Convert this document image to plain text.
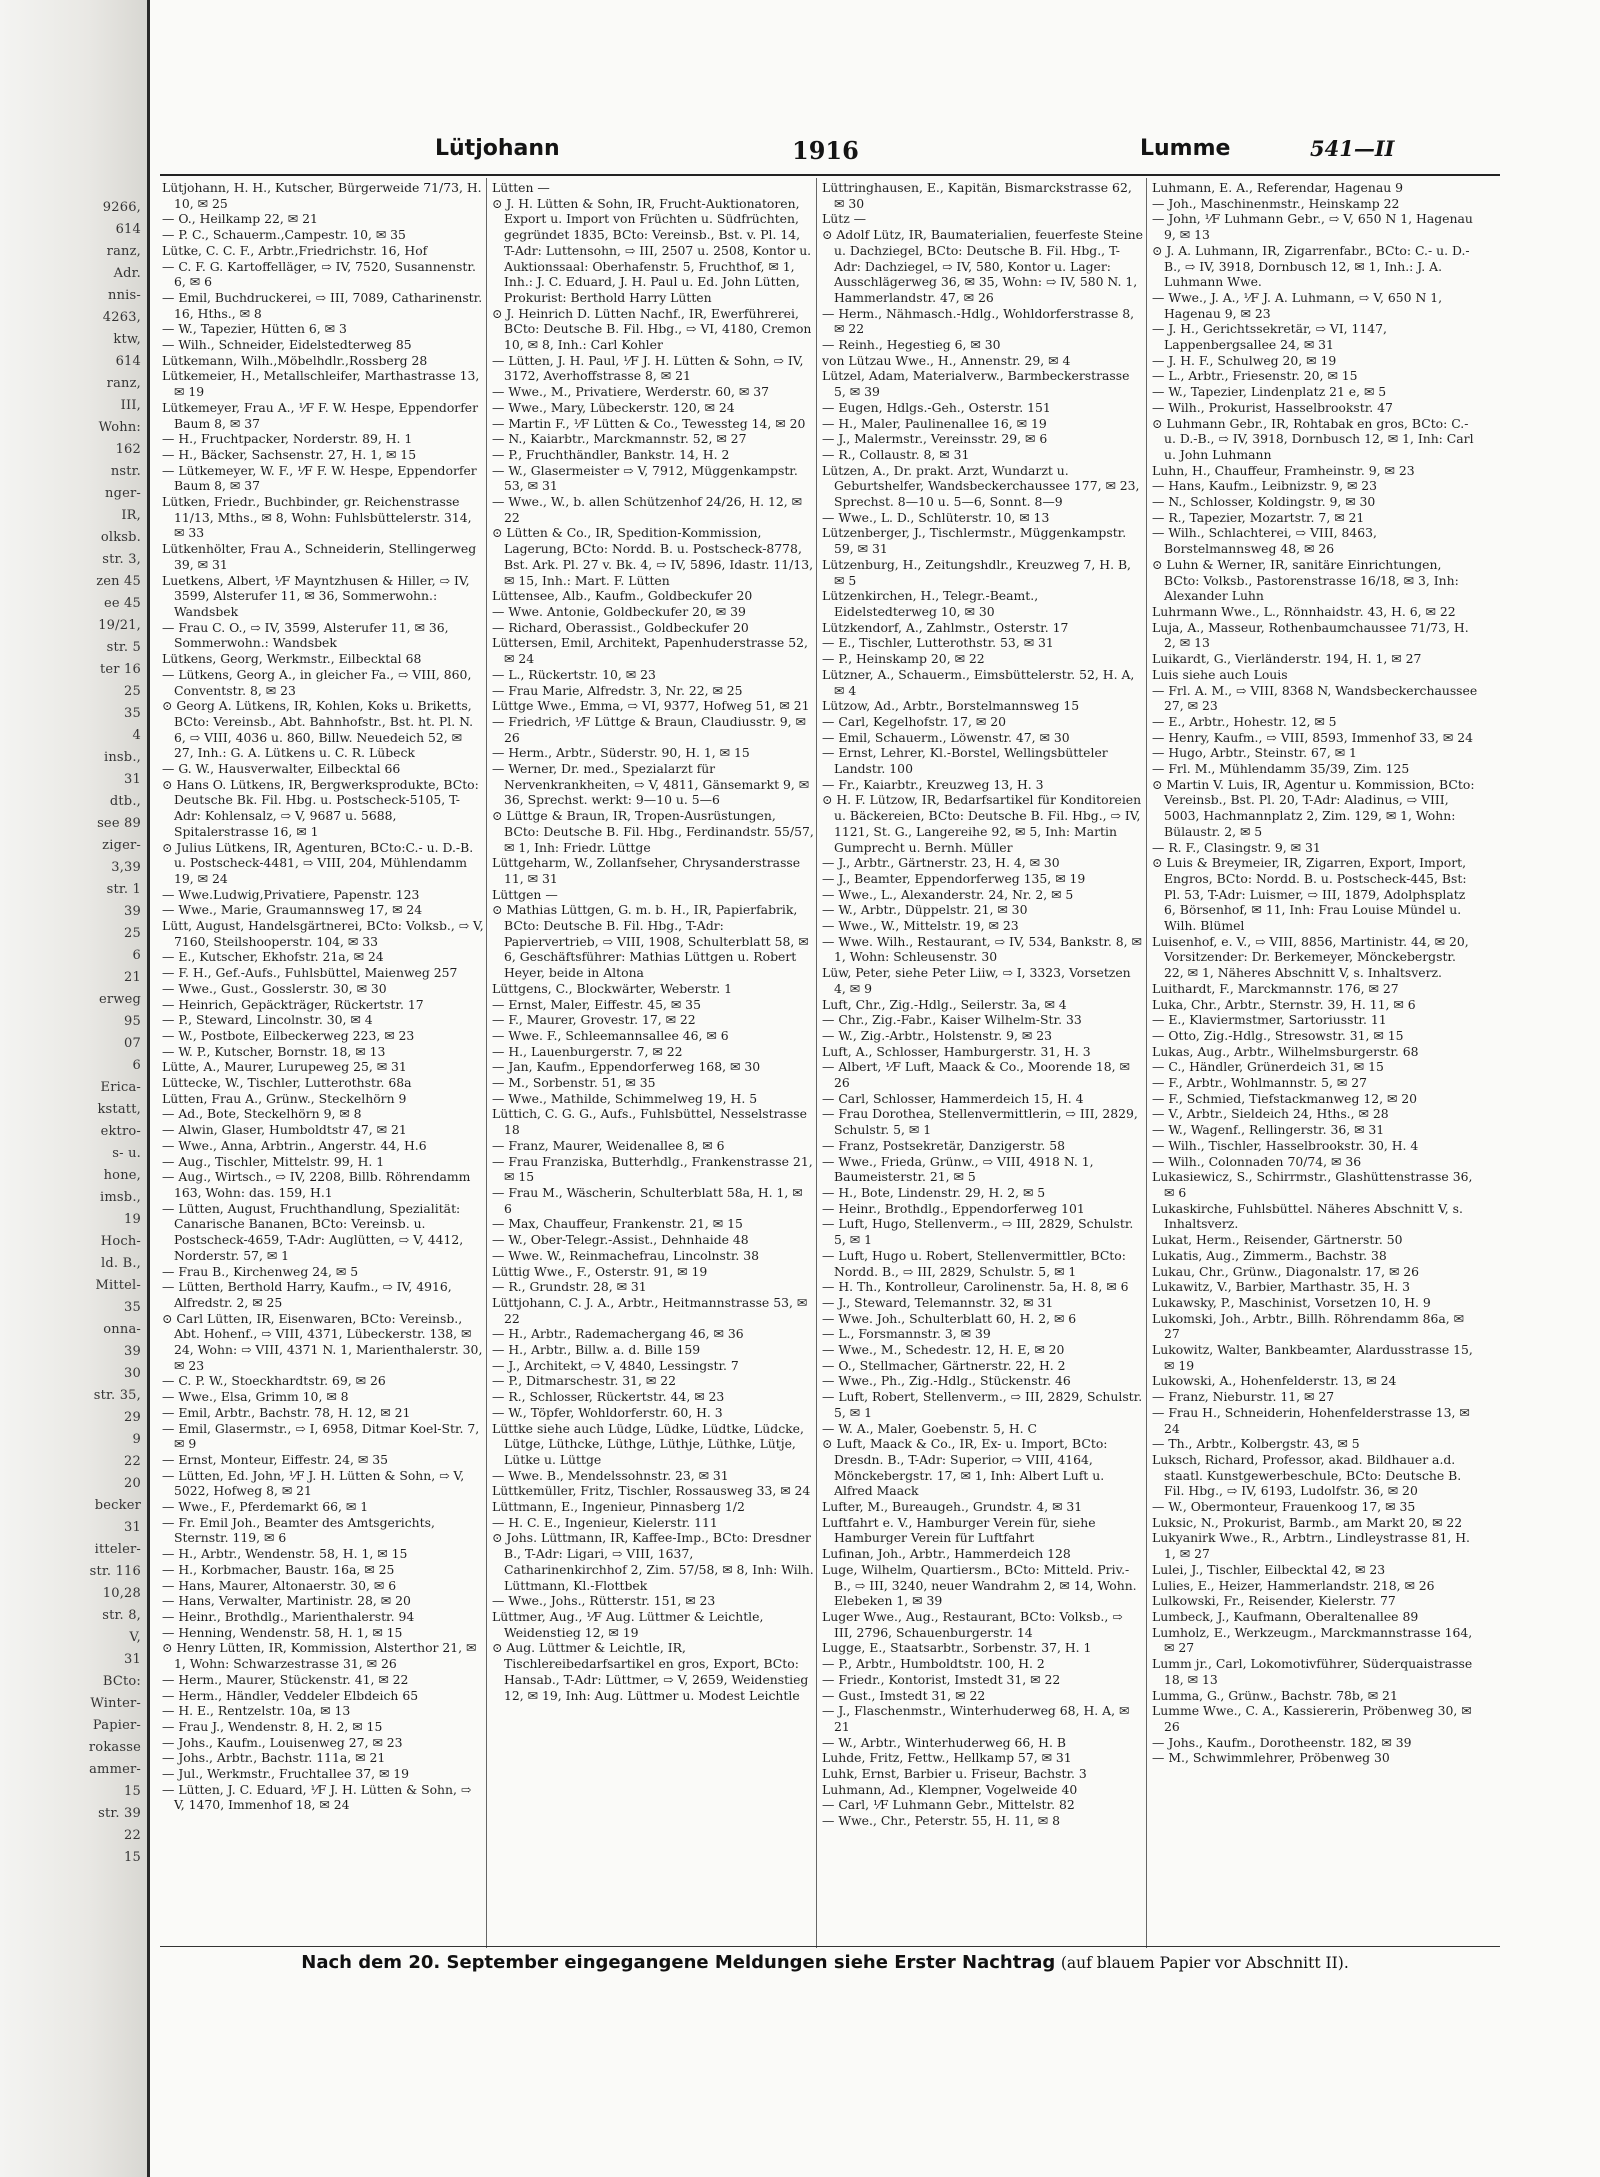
9266,
614
ranz,
Adr.
nnis-
4263,
ktw,
614
ranz,
III,
Wohn:
162
nstr.
nger-
IR,
olksb.
str. 3,
zen 45
ee 45
19/21,
str. 5
ter 16
25
35
4
insb.,
31
dtb.,
see 89
ziger-
3,39
str. 1
39
25
6
21
erweg
95
07
6
Erica-
kstatt,
ektro-
s- u.
hone,
imsb.,
19
Hoch-
ld. B.,
Mittel-
35
onna-
39
30
str. 35,
29
9
22
20
becker
31
itteler-
str. 116
10,28
str. 8,
V,
31
BCto:
Winter-
Papier-
rokasse
ammer-
15
str. 39
22
15
Lütjohann	1916	Lumme	541—II

Lütjohann, H. H., Kutscher, Bürgerweide 71/73, H. 10, ✉ 25

— O., Heilkamp 22, ✉ 21

— P. C., Schauerm.,Campestr. 10, ✉ 35

Lütke, C. C. F., Arbtr.,Friedrichstr. 16, Hof

— C. F. G. Kartoffelläger, ⇨ IV, 7520, Susannenstr. 6, ✉ 6

— Emil, Buchdruckerei, ⇨ III, 7089, Catharinenstr. 16, Hths., ✉ 8

— W., Tapezier, Hütten 6, ✉ 3

— Wilh., Schneider, Eidelstedterweg 85

Lütkemann, Wilh.,Möbelhdlr.,Rossberg 28

Lütkemeier, H., Metallschleifer, Marthastrasse 13, ✉ 19

Lütkemeyer, Frau A., ⅟F F. W. Hespe, Eppendorfer Baum 8, ✉ 37

— H., Fruchtpacker, Norderstr. 89, H. 1

— H., Bäcker, Sachsenstr. 27, H. 1, ✉ 15

— Lütkemeyer, W. F., ⅟F F. W. Hespe, Eppendorfer Baum 8, ✉ 37

Lütken, Friedr., Buchbinder, gr. Reichenstrasse 11/13, Mths., ✉ 8, Wohn: Fuhlsbüttelerstr. 314, ✉ 33

Lütkenhölter, Frau A., Schneiderin, Stellingerweg 39, ✉ 31

Luetkens, Albert, ⅟F Mayntzhusen & Hiller, ⇨ IV, 3599, Alsterufer 11, ✉ 36, Sommerwohn.: Wandsbek

— Frau C. O., ⇨ IV, 3599, Alsterufer 11, ✉ 36, Sommerwohn.: Wandsbek

Lütkens, Georg, Werkmstr., Eilbecktal 68

— Lütkens, Georg A., in gleicher Fa., ⇨ VIII, 860, Conventstr. 8, ✉ 23

⊙ Georg A. Lütkens, IR, Kohlen, Koks u. Briketts, BCto: Vereinsb., Abt. Bahnhofstr., Bst. ht. Pl. N. 6, ⇨ VIII, 4036 u. 860, Billw. Neuedeich 52, ✉ 27, Inh.: G. A. Lütkens u. C. R. Lübeck

— G. W., Hausverwalter, Eilbecktal 66

⊙ Hans O. Lütkens, IR, Bergwerksprodukte, BCto: Deutsche Bk. Fil. Hbg. u. Postscheck-5105, T-Adr: Kohlensalz, ⇨ V, 9687 u. 5688, Spitalerstrasse 16, ✉ 1

⊙ Julius Lütkens, IR, Agenturen, BCto:C.- u. D.-B. u. Postscheck-4481, ⇨ VIII, 204, Mühlendamm 19, ✉ 24

— Wwe.Ludwig,Privatiere, Papenstr. 123

— Wwe., Marie, Graumannsweg 17, ✉ 24

Lütt, August, Handelsgärtnerei, BCto: Volksb., ⇨ V, 7160, Steilshooperstr. 104, ✉ 33

— E., Kutscher, Ekhofstr. 21a, ✉ 24

— F. H., Gef.-Aufs., Fuhlsbüttel, Maienweg 257

— Wwe., Gust., Gosslerstr. 30, ✉ 30

— Heinrich, Gepäckträger, Rückertstr. 17

— P., Steward, Lincolnstr. 30, ✉ 4

— W., Postbote, Eilbeckerweg 223, ✉ 23

— W. P., Kutscher, Bornstr. 18, ✉ 13

Lütte, A., Maurer, Lurupeweg 25, ✉ 31

Lüttecke, W., Tischler, Lutterothstr. 68a

Lütten, Frau A., Grünw., Steckelhörn 9

— Ad., Bote, Steckelhörn 9, ✉ 8

— Alwin, Glaser, Humboldtstr 47, ✉ 21

— Wwe., Anna, Arbtrin., Angerstr. 44, H.6

— Aug., Tischler, Mittelstr. 99, H. 1

— Aug., Wirtsch., ⇨ IV, 2208, Billb. Röhrendamm 163, Wohn: das. 159, H.1

— Lütten, August, Fruchthandlung, Spezialität: Canarische Bananen, BCto: Vereinsb. u. Postscheck-4659, T-Adr: Auglütten, ⇨ V, 4412, Norderstr. 57, ✉ 1

— Frau B., Kirchenweg 24, ✉ 5

— Lütten, Berthold Harry, Kaufm., ⇨ IV, 4916, Alfredstr. 2, ✉ 25

⊙ Carl Lütten, IR, Eisenwaren, BCto: Vereinsb., Abt. Hohenf., ⇨ VIII, 4371, Lübeckerstr. 138, ✉ 24, Wohn: ⇨ VIII, 4371 N. 1, Marienthalerstr. 30, ✉ 23

— C. P. W., Stoeckhardtstr. 69, ✉ 26

— Wwe., Elsa, Grimm 10, ✉ 8

— Emil, Arbtr., Bachstr. 78, H. 12, ✉ 21

— Emil, Glasermstr., ⇨ I, 6958, Ditmar Koel-Str. 7, ✉ 9

— Ernst, Monteur, Eiffestr. 24, ✉ 35

— Lütten, Ed. John, ⅟F J. H. Lütten & Sohn, ⇨ V, 5022, Hofweg 8, ✉ 21

— Wwe., F., Pferdemarkt 66, ✉ 1

— Fr. Emil Joh., Beamter des Amtsgerichts, Sternstr. 119, ✉ 6

— H., Arbtr., Wendenstr. 58, H. 1, ✉ 15

— H., Korbmacher, Baustr. 16a, ✉ 25

— Hans, Maurer, Altonaerstr. 30, ✉ 6

— Hans, Verwalter, Martinistr. 28, ✉ 20

— Heinr., Brothdlg., Marienthalerstr. 94

— Henning, Wendenstr. 58, H. 1, ✉ 15

⊙ Henry Lütten, IR, Kommission, Alsterthor 21, ✉ 1, Wohn: Schwarzestrasse 31, ✉ 26

— Herm., Maurer, Stückenstr. 41, ✉ 22

— Herm., Händler, Veddeler Elbdeich 65

— H. E., Rentzelstr. 10a, ✉ 13

— Frau J., Wendenstr. 8, H. 2, ✉ 15

— Johs., Kaufm., Louisenweg 27, ✉ 23

— Johs., Arbtr., Bachstr. 111a, ✉ 21

— Jul., Werkmstr., Fruchtallee 37, ✉ 19

— Lütten, J. C. Eduard, ⅟F J. H. Lütten & Sohn, ⇨ V, 1470, Immenhof 18, ✉ 24

Lütten —

⊙ J. H. Lütten & Sohn, IR, Frucht-Auktionatoren, Export u. Import von Früchten u. Südfrüchten, gegründet 1835, BCto: Vereinsb., Bst. v. Pl. 14, T-Adr: Luttensohn, ⇨ III, 2507 u. 2508, Kontor u. Auktionssaal: Oberhafenstr. 5, Fruchthof, ✉ 1, Inh.: J. C. Eduard, J. H. Paul u. Ed. John Lütten, Prokurist: Berthold Harry Lütten

⊙ J. Heinrich D. Lütten Nachf., IR, Ewerführerei, BCto: Deutsche B. Fil. Hbg., ⇨ VI, 4180, Cremon 10, ✉ 8, Inh.: Carl Kohler

— Lütten, J. H. Paul, ⅟F J. H. Lütten & Sohn, ⇨ IV, 3172, Averhoffstrasse 8, ✉ 21

— Wwe., M., Privatiere, Werderstr. 60, ✉ 37

— Wwe., Mary, Lübeckerstr. 120, ✉ 24

— Martin F., ⅟F Lütten & Co., Tewessteg 14, ✉ 20

— N., Kaiarbtr., Marckmannstr. 52, ✉ 27

— P., Fruchthändler, Bankstr. 14, H. 2

— W., Glasermeister ⇨ V, 7912, Müggenkampstr. 53, ✉ 31

— Wwe., W., b. allen Schützenhof 24/26, H. 12, ✉ 22

⊙ Lütten & Co., IR, Spedition-Kommission, Lagerung, BCto: Nordd. B. u. Postscheck-8778, Bst. Ark. Pl. 27 v. Bk. 4, ⇨ IV, 5896, Idastr. 11/13, ✉ 15, Inh.: Mart. F. Lütten

Lüttensee, Alb., Kaufm., Goldbeckufer 20

— Wwe. Antonie, Goldbeckufer 20, ✉ 39

— Richard, Oberassist., Goldbeckufer 20

Lüttersen, Emil, Architekt, Papenhuderstrasse 52, ✉ 24

— L., Rückertstr. 10, ✉ 23

— Frau Marie, Alfredstr. 3, Nr. 22, ✉ 25

Lüttge Wwe., Emma, ⇨ VI, 9377, Hofweg 51, ✉ 21

— Friedrich, ⅟F Lüttge & Braun, Claudiusstr. 9, ✉ 26

— Herm., Arbtr., Süderstr. 90, H. 1, ✉ 15

— Werner, Dr. med., Spezialarzt für Nervenkrankheiten, ⇨ V, 4811, Gänsemarkt 9, ✉ 36, Sprechst. werkt: 9—10 u. 5—6

⊙ Lüttge & Braun, IR, Tropen-Ausrüstungen, BCto: Deutsche B. Fil. Hbg., Ferdinandstr. 55/57, ✉ 1, Inh: Friedr. Lüttge

Lüttgeharm, W., Zollanfseher, Chrysanderstrasse 11, ✉ 31

Lüttgen —

⊙ Mathias Lüttgen, G. m. b. H., IR, Papierfabrik, BCto: Deutsche B. Fil. Hbg., T-Adr: Papiervertrieb, ⇨ VIII, 1908, Schulterblatt 58, ✉ 6, Geschäftsführer: Mathias Lüttgen u. Robert Heyer, beide in Altona

Lüttgens, C., Blockwärter, Weberstr. 1

— Ernst, Maler, Eiffestr. 45, ✉ 35

— F., Maurer, Grovestr. 17, ✉ 22

— Wwe. F., Schleemannsallee 46, ✉ 6

— H., Lauenburgerstr. 7, ✉ 22

— Jan, Kaufm., Eppendorferweg 168, ✉ 30

— M., Sorbenstr. 51, ✉ 35

— Wwe., Mathilde, Schimmelweg 19, H. 5

Lüttich, C. G. G., Aufs., Fuhlsbüttel, Nesselstrasse 18

— Franz, Maurer, Weidenallee 8, ✉ 6

— Frau Franziska, Butterhdlg., Frankenstrasse 21, ✉ 15

— Frau M., Wäscherin, Schulterblatt 58a, H. 1, ✉ 6

— Max, Chauffeur, Frankenstr. 21, ✉ 15

— W., Ober-Telegr.-Assist., Dehnhaide 48

— Wwe. W., Reinmachefrau, Lincolnstr. 38

Lüttig Wwe., F., Osterstr. 91, ✉ 19

— R., Grundstr. 28, ✉ 31

Lüttjohann, C. J. A., Arbtr., Heitmannstrasse 53, ✉ 22

— H., Arbtr., Rademachergang 46, ✉ 36

— H., Arbtr., Billw. a. d. Bille 159

— J., Architekt, ⇨ V, 4840, Lessingstr. 7

— P., Ditmarschestr. 31, ✉ 22

— R., Schlosser, Rückertstr. 44, ✉ 23

— W., Töpfer, Wohldorferstr. 60, H. 3

Lüttke siehe auch Lüdge, Lüdke, Lüdtke, Lüdcke, Lütge, Lüthcke, Lüthge, Lüthje, Lüthke, Lütje, Lütke u. Lüttge

— Wwe. B., Mendelssohnstr. 23, ✉ 31

Lüttkemüller, Fritz, Tischler, Rossausweg 33, ✉ 24

Lüttmann, E., Ingenieur, Pinnasberg 1/2

— H. C. E., Ingenieur, Kielerstr. 111

⊙ Johs. Lüttmann, IR, Kaffee-Imp., BCto: Dresdner B., T-Adr: Ligari, ⇨ VIII, 1637, Catharinenkirchhof 2, Zim. 57/58, ✉ 8, Inh: Wilh. Lüttmann, Kl.-Flottbek

— Wwe., Johs., Rütterstr. 151, ✉ 23

Lüttmer, Aug., ⅟F Aug. Lüttmer & Leichtle, Weidenstieg 12, ✉ 19

⊙ Aug. Lüttmer & Leichtle, IR, Tischlereibedarfsartikel en gros, Export, BCto: Hansab., T-Adr: Lüttmer, ⇨ V, 2659, Weidenstieg 12, ✉ 19, Inh: Aug. Lüttmer u. Modest Leichtle

Lüttringhausen, E., Kapitän, Bismarckstrasse 62, ✉ 30

Lütz —

⊙ Adolf Lütz, IR, Baumaterialien, feuerfeste Steine u. Dachziegel, BCto: Deutsche B. Fil. Hbg., T-Adr: Dachziegel, ⇨ IV, 580, Kontor u. Lager: Ausschlägerweg 36, ✉ 35, Wohn: ⇨ IV, 580 N. 1, Hammerlandstr. 47, ✉ 26

— Herm., Nähmasch.-Hdlg., Wohldorferstrasse 8, ✉ 22

— Reinh., Hegestieg 6, ✉ 30

von Lützau Wwe., H., Annenstr. 29, ✉ 4

Lützel, Adam, Materialverw., Barmbeckerstrasse 5, ✉ 39

— Eugen, Hdlgs.-Geh., Osterstr. 151

— H., Maler, Paulinenallee 16, ✉ 19

— J., Malermstr., Vereinsstr. 29, ✉ 6

— R., Collaustr. 8, ✉ 31

Lützen, A., Dr. prakt. Arzt, Wundarzt u. Geburtshelfer, Wandsbeckerchaussee 177, ✉ 23, Sprechst. 8—10 u. 5—6, Sonnt. 8—9

— Wwe., L. D., Schlüterstr. 10, ✉ 13

Lützenberger, J., Tischlermstr., Müggenkampstr. 59, ✉ 31

Lützenburg, H., Zeitungshdlr., Kreuzweg 7, H. B, ✉ 5

Lützenkirchen, H., Telegr.-Beamt., Eidelstedterweg 10, ✉ 30

Lützkendorf, A., Zahlmstr., Osterstr. 17

— E., Tischler, Lutterothstr. 53, ✉ 31

— P., Heinskamp 20, ✉ 22

Lützner, A., Schauerm., Eimsbüttelerstr. 52, H. A, ✉ 4

Lützow, Ad., Arbtr., Borstelmannsweg 15

— Carl, Kegelhofstr. 17, ✉ 20

— Emil, Schauerm., Löwenstr. 47, ✉ 30

— Ernst, Lehrer, Kl.-Borstel, Wellingsbütteler Landstr. 100

— Fr., Kaiarbtr., Kreuzweg 13, H. 3

⊙ H. F. Lützow, IR, Bedarfsartikel für Konditoreien u. Bäckereien, BCto: Deutsche B. Fil. Hbg., ⇨ IV, 1121, St. G., Langereihe 92, ✉ 5, Inh: Martin Gumprecht u. Bernh. Müller

— J., Arbtr., Gärtnerstr. 23, H. 4, ✉ 30

— J., Beamter, Eppendorferweg 135, ✉ 19

— Wwe., L., Alexanderstr. 24, Nr. 2, ✉ 5

— W., Arbtr., Düppelstr. 21, ✉ 30

— Wwe., W., Mittelstr. 19, ✉ 23

— Wwe. Wilh., Restaurant, ⇨ IV, 534, Bankstr. 8, ✉ 1, Wohn: Schleusenstr. 30

Lüw, Peter, siehe Peter Liiw, ⇨ I, 3323, Vorsetzen 4, ✉ 9

Luft, Chr., Zig.-Hdlg., Seilerstr. 3a, ✉ 4

— Chr., Zig.-Fabr., Kaiser Wilhelm-Str. 33

— W., Zig.-Arbtr., Holstenstr. 9, ✉ 23

Luft, A., Schlosser, Hamburgerstr. 31, H. 3

— Albert, ⅟F Luft, Maack & Co., Moorende 18, ✉ 26

— Carl, Schlosser, Hammerdeich 15, H. 4

— Frau Dorothea, Stellenvermittlerin, ⇨ III, 2829, Schulstr. 5, ✉ 1

— Franz, Postsekretär, Danzigerstr. 58

— Wwe., Frieda, Grünw., ⇨ VIII, 4918 N. 1, Baumeisterstr. 21, ✉ 5

— H., Bote, Lindenstr. 29, H. 2, ✉ 5

— Heinr., Brothdlg., Eppendorferweg 101

— Luft, Hugo, Stellenverm., ⇨ III, 2829, Schulstr. 5, ✉ 1

— Luft, Hugo u. Robert, Stellenvermittler, BCto: Nordd. B., ⇨ III, 2829, Schulstr. 5, ✉ 1

— H. Th., Kontrolleur, Carolinenstr. 5a, H. 8, ✉ 6

— J., Steward, Telemannstr. 32, ✉ 31

— Wwe. Joh., Schulterblatt 60, H. 2, ✉ 6

— L., Forsmannstr. 3, ✉ 39

— Wwe., M., Schedestr. 12, H. E, ✉ 20

— O., Stellmacher, Gärtnerstr. 22, H. 2

— Wwe., Ph., Zig.-Hdlg., Stückenstr. 46

— Luft, Robert, Stellenverm., ⇨ III, 2829, Schulstr. 5, ✉ 1

— W. A., Maler, Goebenstr. 5, H. C

⊙ Luft, Maack & Co., IR, Ex- u. Import, BCto: Dresdn. B., T-Adr: Superior, ⇨ VIII, 4164, Mönckebergstr. 17, ✉ 1, Inh: Albert Luft u. Alfred Maack

Lufter, M., Bureaugeh., Grundstr. 4, ✉ 31

Luftfahrt e. V., Hamburger Verein für, siehe Hamburger Verein für Luftfahrt

Lufinan, Joh., Arbtr., Hammerdeich 128

Luge, Wilhelm, Quartiersm., BCto: Mitteld. Priv.-B., ⇨ III, 3240, neuer Wandrahm 2, ✉ 14, Wohn. Elebeken 1, ✉ 39

Luger Wwe., Aug., Restaurant, BCto: Volksb., ⇨ III, 2796, Schauenburgerstr. 14

Lugge, E., Staatsarbtr., Sorbenstr. 37, H. 1

— P., Arbtr., Humboldtstr. 100, H. 2

— Friedr., Kontorist, Imstedt 31, ✉ 22

— Gust., Imstedt 31, ✉ 22

— J., Flaschenmstr., Winterhuderweg 68, H. A, ✉ 21

— W., Arbtr., Winterhuderweg 66, H. B

Luhde, Fritz, Fettw., Hellkamp 57, ✉ 31

Luhk, Ernst, Barbier u. Friseur, Bachstr. 3

Luhmann, Ad., Klempner, Vogelweide 40

— Carl, ⅟F Luhmann Gebr., Mittelstr. 82

— Wwe., Chr., Peterstr. 55, H. 11, ✉ 8

Luhmann, E. A., Referendar, Hagenau 9

— Joh., Maschinenmstr., Heinskamp 22

— John, ⅟F Luhmann Gebr., ⇨ V, 650 N 1, Hagenau 9, ✉ 13

⊙ J. A. Luhmann, IR, Zigarrenfabr., BCto: C.- u. D.-B., ⇨ IV, 3918, Dornbusch 12, ✉ 1, Inh.: J. A. Luhmann Wwe.

— Wwe., J. A., ⅟F J. A. Luhmann, ⇨ V, 650 N 1, Hagenau 9, ✉ 23

— J. H., Gerichtssekretär, ⇨ VI, 1147, Lappenbergsallee 24, ✉ 31

— J. H. F., Schulweg 20, ✉ 19

— L., Arbtr., Friesenstr. 20, ✉ 15

— W., Tapezier, Lindenplatz 21 e, ✉ 5

— Wilh., Prokurist, Hasselbrookstr. 47

⊙ Luhmann Gebr., IR, Rohtabak en gros, BCto: C.- u. D.-B., ⇨ IV, 3918, Dornbusch 12, ✉ 1, Inh: Carl u. John Luhmann

Luhn, H., Chauffeur, Framheinstr. 9, ✉ 23

— Hans, Kaufm., Leibnizstr. 9, ✉ 23

— N., Schlosser, Koldingstr. 9, ✉ 30

— R., Tapezier, Mozartstr. 7, ✉ 21

— Wilh., Schlachterei, ⇨ VIII, 8463, Borstelmannsweg 48, ✉ 26

⊙ Luhn & Werner, IR, sanitäre Einrichtungen, BCto: Volksb., Pastorenstrasse 16/18, ✉ 3, Inh: Alexander Luhn

Luhrmann Wwe., L., Rönnhaidstr. 43, H. 6, ✉ 22

Luja, A., Masseur, Rothenbaumchaussee 71/73, H. 2, ✉ 13

Luikardt, G., Vierländerstr. 194, H. 1, ✉ 27

Luis siehe auch Louis

— Frl. A. M., ⇨ VIII, 8368 N, Wandsbeckerchaussee 27, ✉ 23

— E., Arbtr., Hohestr. 12, ✉ 5

— Henry, Kaufm., ⇨ VIII, 8593, Immenhof 33, ✉ 24

— Hugo, Arbtr., Steinstr. 67, ✉ 1

— Frl. M., Mühlendamm 35/39, Zim. 125

⊙ Martin V. Luis, IR, Agentur u. Kommission, BCto: Vereinsb., Bst. Pl. 20, T-Adr: Aladinus, ⇨ VIII, 5003, Hachmannplatz 2, Zim. 129, ✉ 1, Wohn: Bülaustr. 2, ✉ 5

— R. F., Clasingstr. 9, ✉ 31

⊙ Luis & Breymeier, IR, Zigarren, Export, Import, Engros, BCto: Nordd. B. u. Postscheck-445, Bst: Pl. 53, T-Adr: Luismer, ⇨ III, 1879, Adolphsplatz 6, Börsenhof, ✉ 11, Inh: Frau Louise Mündel u. Wilh. Blümel

Luisenhof, e. V., ⇨ VIII, 8856, Martinistr. 44, ✉ 20, Vorsitzender: Dr. Berkemeyer, Mönckebergstr. 22, ✉ 1, Näheres Abschnitt V, s. Inhaltsverz.

Luithardt, F., Marckmannstr. 176, ✉ 27

Luka, Chr., Arbtr., Sternstr. 39, H. 11, ✉ 6

— E., Klaviermstmer, Sartoriusstr. 11

— Otto, Zig.-Hdlg., Stresowstr. 31, ✉ 15

Lukas, Aug., Arbtr., Wilhelmsburgerstr. 68

— C., Händler, Grünerdeich 31, ✉ 15

— F., Arbtr., Wohlmannstr. 5, ✉ 27

— F., Schmied, Tiefstackmanweg 12, ✉ 20

— V., Arbtr., Sieldeich 24, Hths., ✉ 28

— W., Wagenf., Rellingerstr. 36, ✉ 31

— Wilh., Tischler, Hasselbrookstr. 30, H. 4

— Wilh., Colonnaden 70/74, ✉ 36

Lukasiewicz, S., Schirrmstr., Glashüttenstrasse 36, ✉ 6

Lukaskirche, Fuhlsbüttel. Näheres Abschnitt V, s. Inhaltsverz.

Lukat, Herm., Reisender, Gärtnerstr. 50

Lukatis, Aug., Zimmerm., Bachstr. 38

Lukau, Chr., Grünw., Diagonalstr. 17, ✉ 26

Lukawitz, V., Barbier, Marthastr. 35, H. 3

Lukawsky, P., Maschinist, Vorsetzen 10, H. 9

Lukomski, Joh., Arbtr., Billh. Röhrendamm 86a, ✉ 27

Lukowitz, Walter, Bankbeamter, Alardusstrasse 15, ✉ 19

Lukowski, A., Hohenfelderstr. 13, ✉ 24

— Franz, Nieburstr. 11, ✉ 27

— Frau H., Schneiderin, Hohenfelderstrasse 13, ✉ 24

— Th., Arbtr., Kolbergstr. 43, ✉ 5

Luksch, Richard, Professor, akad. Bildhauer a.d. staatl. Kunstgewerbeschule, BCto: Deutsche B. Fil. Hbg., ⇨ IV, 6193, Ludolfstr. 36, ✉ 20

— W., Obermonteur, Frauenkoog 17, ✉ 35

Luksic, N., Prokurist, Barmb., am Markt 20, ✉ 22

Lukyanirk Wwe., R., Arbtrn., Lindleystrasse 81, H. 1, ✉ 27

Lulei, J., Tischler, Eilbecktal 42, ✉ 23

Lulies, E., Heizer, Hammerlandstr. 218, ✉ 26

Lulkowski, Fr., Reisender, Kielerstr. 77

Lumbeck, J., Kaufmann, Oberaltenallee 89

Lumholz, E., Werkzeugm., Marckmannstrasse 164, ✉ 27

Lumm jr., Carl, Lokomotivführer, Süderquaistrasse 18, ✉ 13

Lumma, G., Grünw., Bachstr. 78b, ✉ 21

Lumme Wwe., C. A., Kassiererin, Pröbenweg 30, ✉ 26

— Johs., Kaufm., Dorotheenstr. 182, ✉ 39

— M., Schwimmlehrer, Pröbenweg 30

Nach dem 20. September eingegangene Meldungen siehe Erster Nachtrag (auf blauem Papier vor Abschnitt II).
